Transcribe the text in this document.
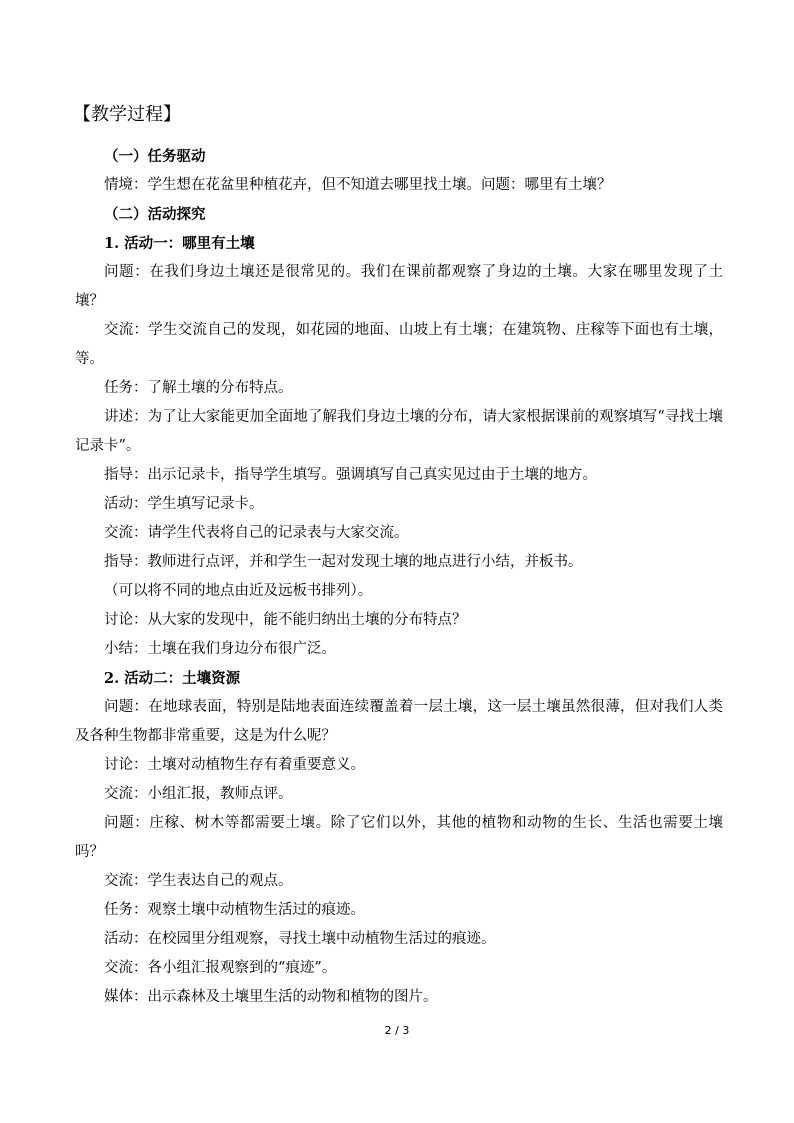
【教学过程】

（一）任务驱动

情境：学生想在花盆里种植花卉，但不知道去哪里找土壤。问题：哪里有土壤？

（二）活动探究

1. 活动一：哪里有土壤

问题：在我们身边土壤还是很常见的。我们在课前都观察了身边的土壤。大家在哪里发现了土壤？

交流：学生交流自己的发现，如花园的地面、山坡上有土壤；在建筑物、庄稼等下面也有土壤，等。

任务：了解土壤的分布特点。

讲述：为了让大家能更加全面地了解我们身边土壤的分布，请大家根据课前的观察填写“寻找土壤记录卡”。

指导：出示记录卡，指导学生填写。强调填写自己真实见过由于土壤的地方。

活动：学生填写记录卡。

交流：请学生代表将自己的记录表与大家交流。

指导：教师进行点评，并和学生一起对发现土壤的地点进行小结，并板书。

（可以将不同的地点由近及远板书排列）。

讨论：从大家的发现中，能不能归纳出土壤的分布特点？

小结：土壤在我们身边分布很广泛。

2. 活动二：土壤资源

问题：在地球表面，特别是陆地表面连续覆盖着一层土壤，这一层土壤虽然很薄，但对我们人类及各种生物都非常重要，这是为什么呢？

讨论：土壤对动植物生存有着重要意义。

交流：小组汇报，教师点评。

问题：庄稼、树木等都需要土壤。除了它们以外，其他的植物和动物的生长、生活也需要土壤吗？

交流：学生表达自己的观点。

任务：观察土壤中动植物生活过的痕迹。

活动：在校园里分组观察，寻找土壤中动植物生活过的痕迹。

交流：各小组汇报观察到的“痕迹”。

媒体：出示森林及土壤里生活的动物和植物的图片。

2 / 3
